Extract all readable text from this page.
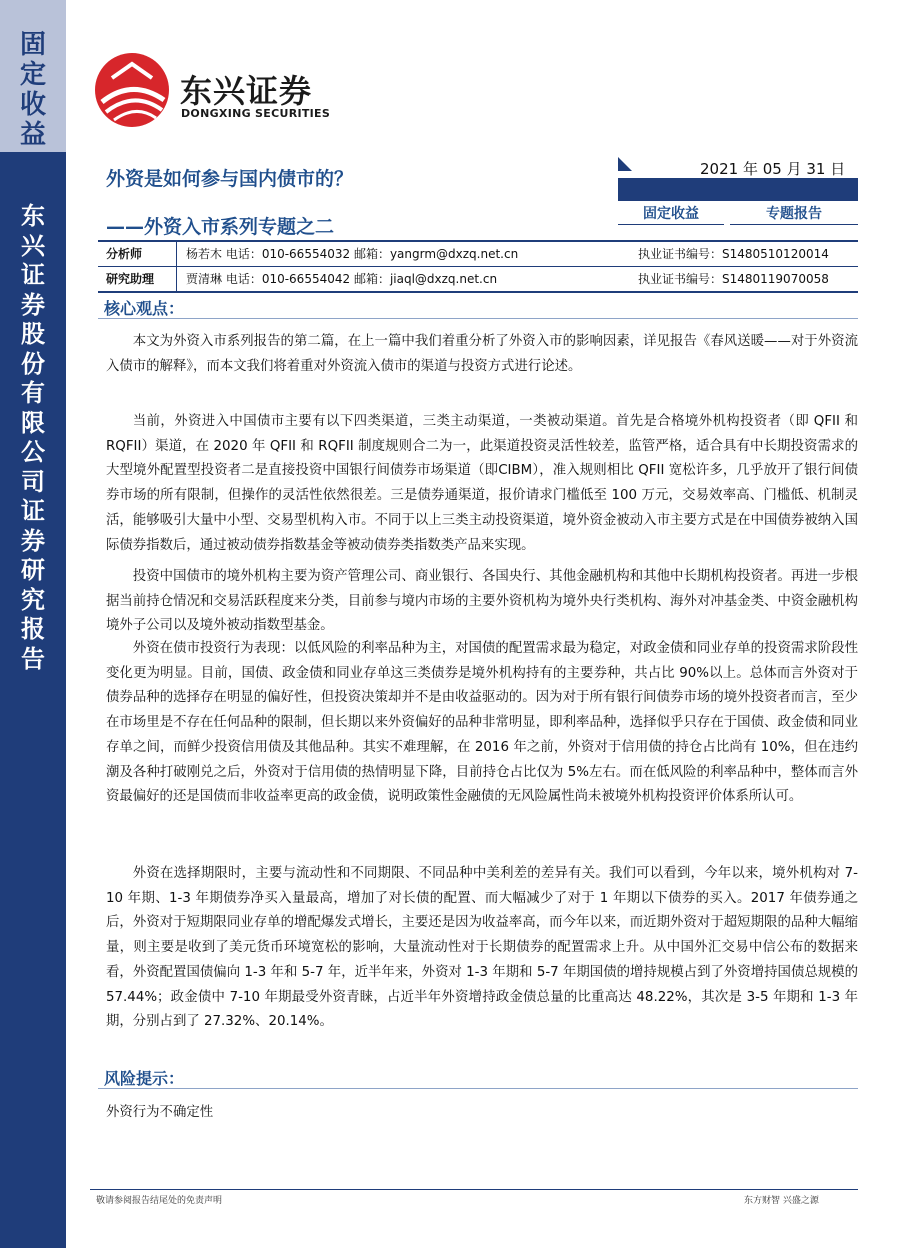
固
定
收
益
东
兴
证
券
股
份
有
限
公
司
证
券
研
究
报
告
东兴证券
DONGXING SECURITIES
外资是如何参与国内债市的？
——外资入市系列专题之二
2021 年 05 月 31 日
固定收益	专题报告
分析师	杨若木 电话：010-66554032 邮箱：yangrm@dxzq.net.cn	执业证书编号：S1480510120014
研究助理	贾清琳 电话：010-66554042 邮箱：jiaql@dxzq.net.cn	执业证书编号：S1480119070058
核心观点：
本文为外资入市系列报告的第二篇，在上一篇中我们着重分析了外资入市的影响因素，详见报告《春风送暖——对于外资流入债市的解释》，而本文我们将着重对外资流入债市的渠道与投资方式进行论述。
当前，外资进入中国债市主要有以下四类渠道，三类主动渠道，一类被动渠道。首先是合格境外机构投资者（即 QFII 和 RQFII）渠道，在 2020 年 QFII 和 RQFII 制度规则合二为一，此渠道投资灵活性较差，监管严格，适合具有中长期投资需求的大型境外配置型投资者二是直接投资中国银行间债券市场渠道（即CIBM），准入规则相比 QFII 宽松许多，几乎放开了银行间债券市场的所有限制，但操作的灵活性依然很差。三是债券通渠道，报价请求门槛低至 100 万元，交易效率高、门槛低、机制灵活，能够吸引大量中小型、交易型机构入市。不同于以上三类主动投资渠道，境外资金被动入市主要方式是在中国债券被纳入国际债券指数后，通过被动债券指数基金等被动债券类指数类产品来实现。
投资中国债市的境外机构主要为资产管理公司、商业银行、各国央行、其他金融机构和其他中长期机构投资者。再进一步根据当前持仓情况和交易活跃程度来分类，目前参与境内市场的主要外资机构为境外央行类机构、海外对冲基金类、中资金融机构境外子公司以及境外被动指数型基金。
外资在债市投资行为表现：以低风险的利率品种为主，对国债的配置需求最为稳定，对政金债和同业存单的投资需求阶段性变化更为明显。目前，国债、政金债和同业存单这三类债券是境外机构持有的主要券种，共占比 90%以上。总体而言外资对于债券品种的选择存在明显的偏好性，但投资决策却并不是由收益驱动的。因为对于所有银行间债券市场的境外投资者而言，至少在市场里是不存在任何品种的限制，但长期以来外资偏好的品种非常明显，即利率品种，选择似乎只存在于国债、政金债和同业存单之间，而鲜少投资信用债及其他品种。其实不难理解，在 2016 年之前，外资对于信用债的持仓占比尚有 10%，但在违约潮及各种打破刚兑之后，外资对于信用债的热情明显下降，目前持仓占比仅为 5%左右。而在低风险的利率品种中，整体而言外资最偏好的还是国债而非收益率更高的政金债，说明政策性金融债的无风险属性尚未被境外机构投资评价体系所认可。
外资在选择期限时，主要与流动性和不同期限、不同品种中美利差的差异有关。我们可以看到，今年以来，境外机构对 7-10 年期、1-3 年期债券净买入量最高，增加了对长债的配置、而大幅减少了对于 1 年期以下债券的买入。2017 年债券通之后，外资对于短期限同业存单的增配爆发式增长，主要还是因为收益率高，而今年以来，而近期外资对于超短期限的品种大幅缩量，则主要是收到了美元货币环境宽松的影响，大量流动性对于长期债券的配置需求上升。从中国外汇交易中信公布的数据来看，外资配置国债偏向 1-3 年和 5-7 年，近半年来，外资对 1-3 年期和 5-7 年期国债的增持规模占到了外资增持国债总规模的 57.44%；政金债中 7-10 年期最受外资青睐，占近半年外资增持政金债总量的比重高达 48.22%，其次是 3-5 年期和 1-3 年期，分别占到了 27.32%、20.14%。
风险提示：
外资行为不确定性
敬请参阅报告结尾处的免责声明	东方财智 兴盛之源
